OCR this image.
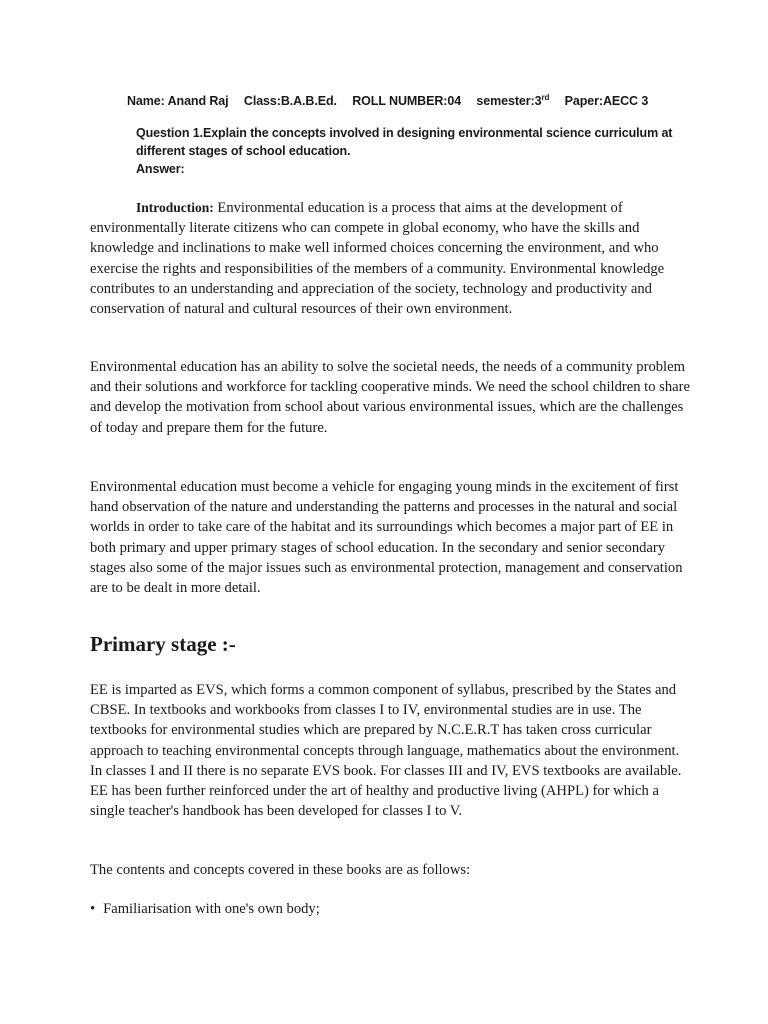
Name: Anand Raj Class:B.A.B.Ed. ROLL NUMBER:04 semester:3rd Paper:AECC 3
Question 1.Explain the concepts involved in designing environmental science curriculum at different stages of school education.
Answer:

Introduction: Environmental education is a process that aims at the development of environmentally literate citizens who can compete in global economy, who have the skills and knowledge and inclinations to make well informed choices concerning the environment, and who exercise the rights and responsibilities of the members of a community. Environmental knowledge contributes to an understanding and appreciation of the society, technology and productivity and conservation of natural and cultural resources of their own environment.

Environmental education has an ability to solve the societal needs, the needs of a community problem and their solutions and workforce for tackling cooperative minds. We need the school children to share and develop the motivation from school about various environmental issues, which are the challenges of today and prepare them for the future.

Environmental education must become a vehicle for engaging young minds in the excitement of first hand observation of the nature and understanding the patterns and processes in the natural and social worlds in order to take care of the habitat and its surroundings which becomes a major part of EE in both primary and upper primary stages of school education. In the secondary and senior secondary stages also some of the major issues such as environmental protection, management and conservation are to be dealt in more detail.

Primary stage :-

EE is imparted as EVS, which forms a common component of syllabus, prescribed by the States and CBSE. In textbooks and workbooks from classes I to IV, environmental studies are in use. The textbooks for environmental studies which are prepared by N.C.E.R.T has taken cross curricular approach to teaching environmental concepts through language, mathematics about the environment. In classes I and II there is no separate EVS book. For classes III and IV, EVS textbooks are available. EE has been further reinforced under the art of healthy and productive living (AHPL) for which a single teacher's handbook has been developed for classes I to V.

The contents and concepts covered in these books are as follows:

• Familiarisation with one's own body;
